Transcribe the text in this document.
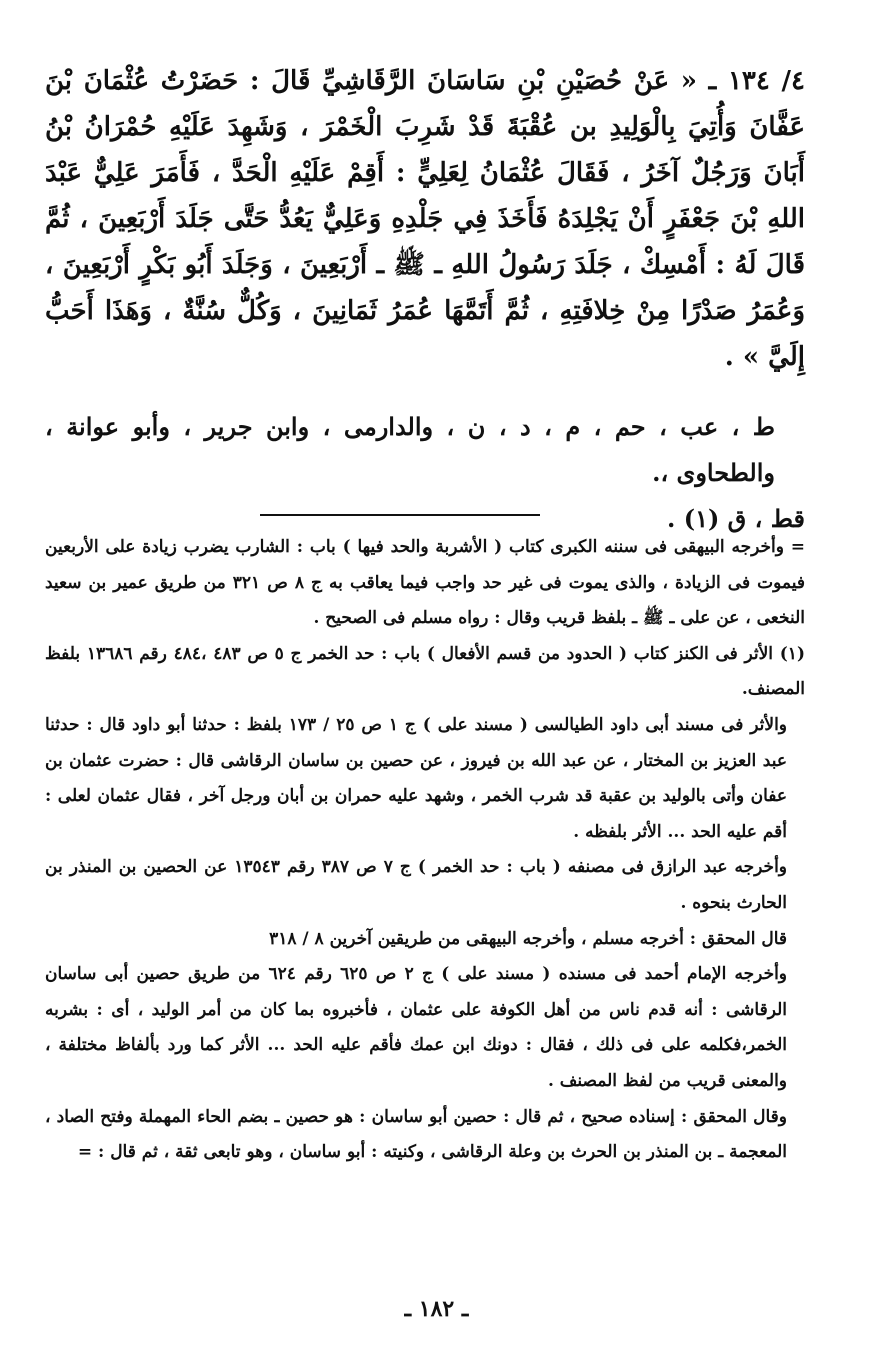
٤/ ١٣٤ ـ « عَنْ حُصَيْنِ بْنِ سَاسَانَ الرَّقَاشِيِّ قَالَ : حَضَرْتُ عُثْمَانَ بْنَ عَفَّانَ وَأُتِيَ بِالْوَلِيدِ بن عُقْبَةَ قَدْ شَرِبَ الْخَمْرَ ، وَشَهِدَ عَلَيْهِ حُمْرَانُ بْنُ أَبَانَ وَرَجُلٌ آخَرُ ، فَقَالَ عُثْمَانُ لِعَلِيٍّ : أَقِمْ عَلَيْهِ الْحَدَّ ، فَأَمَرَ عَلِيٌّ عَبْدَ اللهِ بْنَ جَعْفَرٍ أَنْ يَجْلِدَهُ فَأَخَذَ فِي جَلْدِهِ وَعَلِيٌّ يَعُدُّ حَتَّى جَلَدَ أَرْبَعِينَ ، ثُمَّ قَالَ لَهُ : أَمْسِكْ ، جَلَدَ رَسُولُ اللهِ ـ ﷺ ـ أَرْبَعِينَ ، وَجَلَدَ أَبُو بَكْرٍ أَرْبَعِينَ ، وَعُمَرُ صَدْرًا مِنْ خِلافَتِهِ ، ثُمَّ أَتَمَّهَا عُمَرُ ثَمَانِينَ ، وَكُلٌّ سُنَّةٌ ، وَهَذَا أَحَبُّ إِلَيَّ » .

ط ، عب ، حم ، م ، د ، ن ، والدارمى ، وابن جرير ، وأبو عوانة ، والطحاوى ،.

قط ، ق (١) .

= وأخرجه البيهقى فى سننه الكبرى كتاب ( الأشربة والحد فيها ) باب : الشارب يضرب زيادة على الأربعين فيموت فى الزيادة ، والذى يموت فى غير حد واجب فيما يعاقب به ج ٨ ص ٣٢١ من طريق عمير بن سعيد النخعى ، عن على ـ ﷺ ـ بلفظ قريب وقال : رواه مسلم فى الصحيح .

(١) الأثر فى الكنز كتاب ( الحدود من قسم الأفعال ) باب : حد الخمر ج ٥ ص ٤٨٣ ،٤٨٤ رقم ١٣٦٨٦ بلفظ المصنف.

والأثر فى مسند أبى داود الطيالسى ( مسند على ) ج ١ ص ٢٥ / ١٧٣ بلفظ : حدثنا أبو داود قال : حدثنا عبد العزيز بن المختار ، عن عبد الله بن فيروز ، عن حصين بن ساسان الرقاشى قال : حضرت عثمان بن عفان وأتى بالوليد بن عقبة قد شرب الخمر ، وشهد عليه حمران بن أبان ورجل آخر ، فقال عثمان لعلى : أقم عليه الحد ... الأثر بلفظه .

وأخرجه عبد الرازق فى مصنفه ( باب : حد الخمر ) ج ٧ ص ٣٨٧ رقم ١٣٥٤٣ عن الحصين بن المنذر بن الحارث بنحوه .

قال المحقق : أخرجه مسلم ، وأخرجه البيهقى من طريقين آخرين ٨ / ٣١٨

وأخرجه الإمام أحمد فى مسنده ( مسند على ) ج ٢ ص ٦٢٥ رقم ٦٢٤ من طريق حصين أبى ساسان الرقاشى : أنه قدم ناس من أهل الكوفة على عثمان ، فأخبروه بما كان من أمر الوليد ، أى : بشربه الخمر،فكلمه على فى ذلك ، فقال : دونك ابن عمك فأقم عليه الحد ... الأثر كما ورد بألفاظ مختلفة ، والمعنى قريب من لفظ المصنف .

وقال المحقق : إسناده صحيح ، ثم قال : حصين أبو ساسان : هو حصين ـ بضم الحاء المهملة وفتح الصاد ، المعجمة ـ بن المنذر بن الحرث بن وعلة الرقاشى ، وكنيته : أبو ساسان ، وهو تابعى ثقة ، ثم قال : =

ـ ١٨٢ ـ
